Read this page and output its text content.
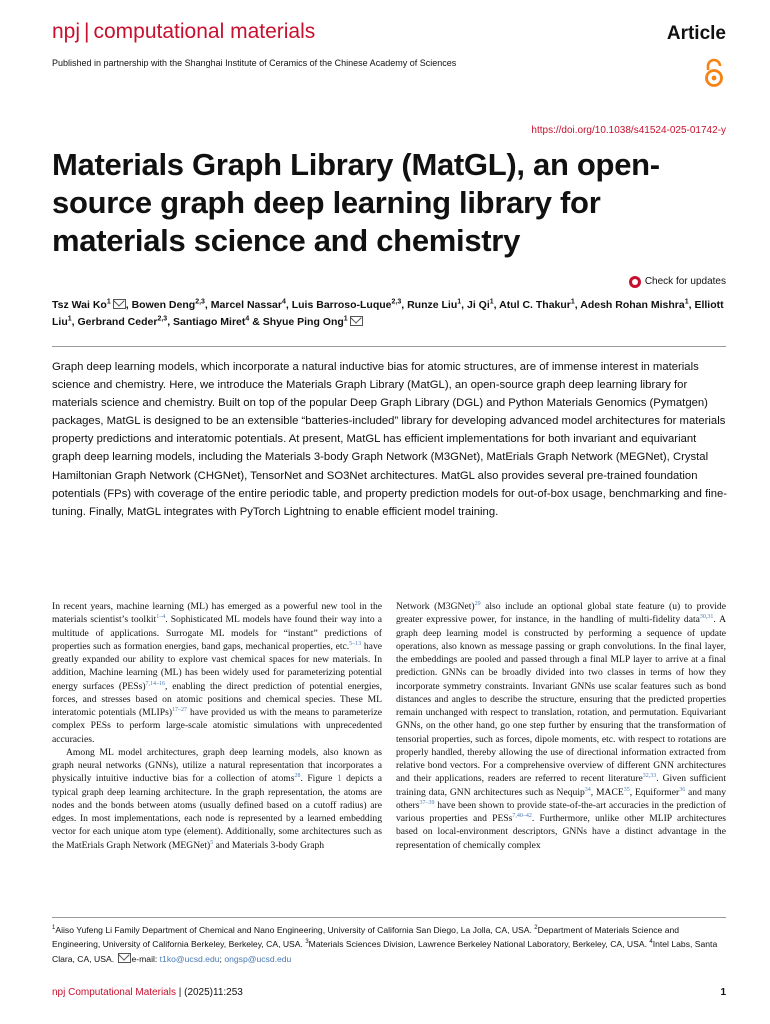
npj | computational materials	Article
Published in partnership with the Shanghai Institute of Ceramics of the Chinese Academy of Sciences
https://doi.org/10.1038/s41524-025-01742-y
Materials Graph Library (MatGL), an open-source graph deep learning library for materials science and chemistry
Check for updates
Tsz Wai Ko$^1$ , Bowen Deng$^{2,3}$, Marcel Nassar$^4$, Luis Barroso-Luque$^{2,3}$, Runze Liu$^1$, Ji Qi$^1$, Atul C. Thakur$^1$, Adesh Rohan Mishra$^1$, Elliott Liu$^1$, Gerbrand Ceder$^{2,3}$, Santiago Miret$^4$ & Shyue Ping Ong$^1$

Graph deep learning models, which incorporate a natural inductive bias for atomic structures, are of immense interest in materials science and chemistry. Here, we introduce the Materials Graph Library (MatGL), an open-source graph deep learning library for materials science and chemistry. Built on top of the popular Deep Graph Library (DGL) and Python Materials Genomics (Pymatgen) packages, MatGL is designed to be an extensible “batteries-included” library for developing advanced model architectures for materials property predictions and interatomic potentials. At present, MatGL has efficient implementations for both invariant and equivariant graph deep learning models, including the Materials 3-body Graph Network (M3GNet), MatErials Graph Network (MEGNet), Crystal Hamiltonian Graph Network (CHGNet), TensorNet and SO3Net architectures. MatGL also provides several pre-trained foundation potentials (FPs) with coverage of the entire periodic table, and property prediction models for out-of-box usage, benchmarking and fine-tuning. Finally, MatGL integrates with PyTorch Lightning to enable efficient model training.

In recent years, machine learning (ML) has emerged as a powerful new tool in the materials scientist’s toolkit$^{1-4}$. Sophisticated ML models have found their way into a multitude of applications. Surrogate ML models for “instant” predictions of properties such as formation energies, band gaps, mechanical properties, etc.$^{5-13}$ have greatly expanded our ability to explore vast chemical spaces for new materials. In addition, Machine learning (ML) has been widely used for parameterizing potential energy surfaces (PESs)$^{7,14-16}$, enabling the direct prediction of potential energies, forces, and stresses based on atomic positions and chemical species. These ML interatomic potentials (MLIPs)$^{17-27}$ have provided us with the means to parameterize complex PESs to perform large-scale atomistic simulations with unprecedented accuracies.

Among ML model architectures, graph deep learning models, also known as graph neural networks (GNNs), utilize a natural representation that incorporates a physically intuitive inductive bias for a collection of atoms$^{28}$. Figure 1 depicts a typical graph deep learning architecture. In the graph representation, the atoms are nodes and the bonds between atoms (usually defined based on a cutoff radius) are edges. In most implementations, each node is represented by a learned embedding vector for each unique atom type (element). Additionally, some architectures such as the MatErials Graph Network (MEGNet)$^5$ and Materials 3-body Graph

Network (M3GNet)$^{29}$ also include an optional global state feature (u) to provide greater expressive power, for instance, in the handling of multi-fidelity data$^{30,31}$. A graph deep learning model is constructed by performing a sequence of update operations, also known as message passing or graph convolutions. In the final layer, the embeddings are pooled and passed through a final MLP layer to arrive at a final prediction. GNNs can be broadly divided into two classes in terms of how they incorporate symmetry constraints. Invariant GNNs use scalar features such as bond distances and angles to describe the structure, ensuring that the predicted properties remain unchanged with respect to translation, rotation, and permutation. Equivariant GNNs, on the other hand, go one step further by ensuring that the transformation of tensorial properties, such as forces, dipole moments, etc. with respect to rotations are properly handled, thereby allowing the use of directional information extracted from relative bond vectors. For a comprehensive overview of different GNN architectures and their applications, readers are referred to recent literature$^{32,33}$. Given sufficient training data, GNN architectures such as Nequip$^{34}$, MACE$^{35}$, Equiformer$^{36}$ and many others$^{37-39}$ have been shown to provide state-of-the-art accuracies in the prediction of various properties and PESs$^{7,40-42}$. Furthermore, unlike other MLIP architectures based on local-environment descriptors, GNNs have a distinct advantage in the representation of chemically complex

$^1$Aiiso Yufeng Li Family Department of Chemical and Nano Engineering, University of California San Diego, La Jolla, CA, USA. $^2$Department of Materials Science and Engineering, University of California Berkeley, Berkeley, CA, USA. $^3$Materials Sciences Division, Lawrence Berkeley National Laboratory, Berkeley, CA, USA. $^4$Intel Labs, Santa Clara, CA, USA. e-mail: t1ko@ucsd.edu; ongsp@ucsd.edu

npj Computational Materials | (2025)11:253	1
